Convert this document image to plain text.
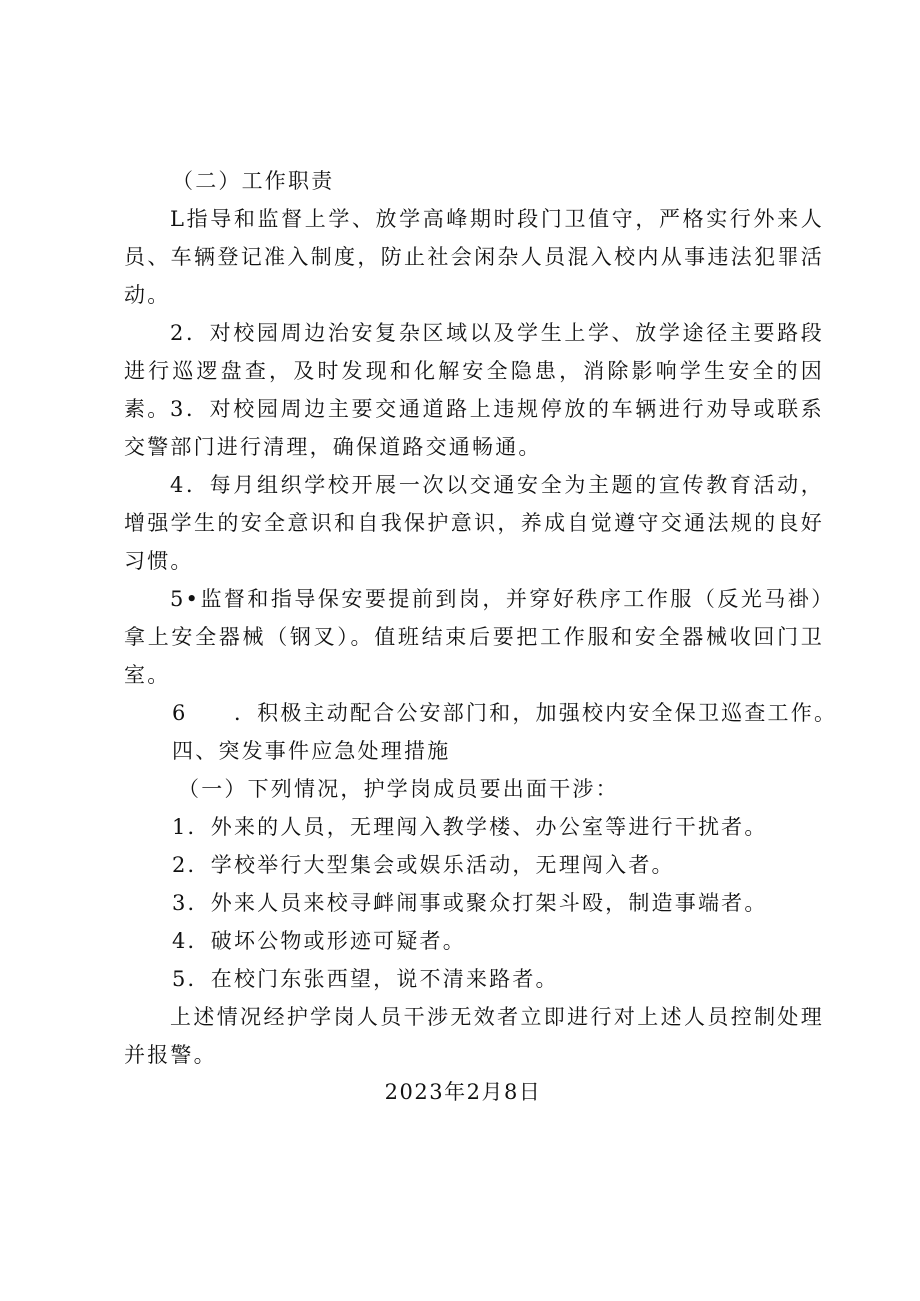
（二）工作职责

L指导和监督上学、放学高峰期时段门卫值守，严格实行外来人员、车辆登记准入制度，防止社会闲杂人员混入校内从事违法犯罪活动。

2．对校园周边治安复杂区域以及学生上学、放学途径主要路段进行巡逻盘查，及时发现和化解安全隐患，消除影响学生安全的因素。 3．对校园周边主要交通道路上违规停放的车辆进行劝导或联系交警部门进行清理，确保道路交通畅通。

4．每月组织学校开展一次以交通安全为主题的宣传教育活动，增强学生的安全意识和自我保护意识，养成自觉遵守交通法规的良好习惯。

5•监督和指导保安要提前到岗，并穿好秩序工作服（反光马褂）拿上安全器械（钢叉）。值班结束后要把工作服和安全器械收回门卫室。

6　　．积极主动配合公安部门和，加强校内安全保卫巡查工作。

四、突发事件应急处理措施

（一）下列情况，护学岗成员要出面干涉：

1．外来的人员，无理闯入教学楼、办公室等进行干扰者。

2．学校举行大型集会或娱乐活动，无理闯入者。

3．外来人员来校寻衅闹事或聚众打架斗殴，制造事端者。

4．破坏公物或形迹可疑者。

5．在校门东张西望，说不清来路者。

上述情况经护学岗人员干涉无效者立即进行对上述人员控制处理并报警。

2023年2月8日
